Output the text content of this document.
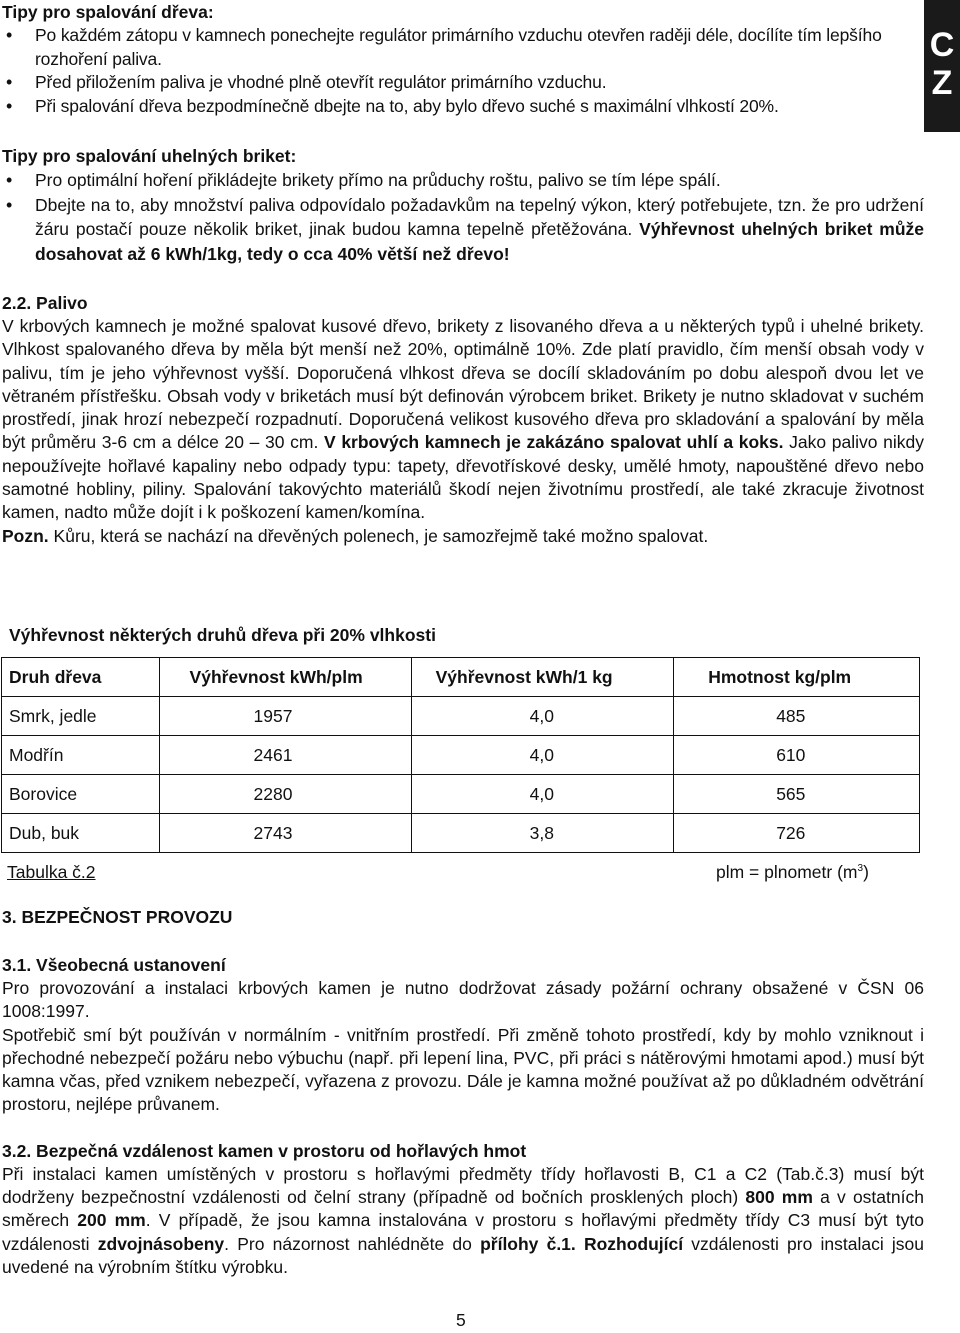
C
Z
Tipy pro spalování dřeva:
• Po každém zátopu v kamnech ponechejte regulátor primárního vzduchu otevřen raději déle, docílíte tím lepšího rozhoření paliva.
• Před přiložením paliva je vhodné plně otevřít regulátor primárního vzduchu.
• Při spalování dřeva bezpodmínečně dbejte na to, aby bylo dřevo suché s maximální vlhkostí 20%.
Tipy pro spalování uhelných briket:
• Pro optimální hoření přikládejte brikety přímo na průduchy roštu, palivo se tím lépe spálí.
• Dbejte na to, aby množství paliva odpovídalo požadavkům na tepelný výkon, který potřebujete, tzn. že pro udržení žáru postačí pouze několik briket, jinak budou kamna tepelně přetěžována. Výhřevnost uhelných briket může dosahovat až 6 kWh/1kg, tedy o cca 40% větší než dřevo!
2.2. Palivo

V krbových kamnech je možné spalovat kusové dřevo, brikety z lisovaného dřeva a u některých typů i uhelné brikety. Vlhkost spalovaného dřeva by měla být menší než 20%, optimálně 10%. Zde platí pravidlo, čím menší obsah vody v palivu, tím je jeho výhřevnost vyšší. Doporučená vlhkost dřeva se docílí skladováním po dobu alespoň dvou let ve větraném přístřešku. Obsah vody v briketách musí být definován výrobcem briket. Brikety je nutno skladovat v suchém prostředí, jinak hrozí nebezpečí rozpadnutí. Doporučená velikost kusového dřeva pro skladování a spalování by měla být průměru 3-6 cm a délce 20 – 30 cm. V krbových kamnech je zakázáno spalovat uhlí a koks. Jako palivo nikdy nepoužívejte hořlavé kapaliny nebo odpady typu: tapety, dřevotřískové desky, umělé hmoty, napouštěné dřevo nebo samotné hobliny, piliny. Spalování takovýchto materiálů škodí nejen životnímu prostředí, ale také zkracuje životnost kamen, nadto může dojít i k poškození kamen/komína.

Pozn. Kůru, která se nachází na dřevěných polenech, je samozřejmě také možno spalovat.

Výhřevnost některých druhů dřeva při 20% vlhkosti
Druh dřeva	Výhřevnost kWh/plm	Výhřevnost kWh/1 kg	Hmotnost kg/plm
Smrk, jedle	1957	4,0	485
Modřín	2461	4,0	610
Borovice	2280	4,0	565
Dub, buk	2743	3,8	726
Tabulka č.2	plm = plnometr $(m^3)$
3. BEZPEČNOST PROVOZU
3.1. Všeobecná ustanovení

Pro provozování a instalaci krbových kamen je nutno dodržovat zásady požární ochrany obsažené v ČSN 06 1008:1997.

Spotřebič smí být používán v normálním - vnitřním prostředí. Při změně tohoto prostředí, kdy by mohlo vzniknout i přechodné nebezpečí požáru nebo výbuchu (např. při lepení lina, PVC, při práci s nátěrovými hmotami apod.) musí být kamna včas, před vznikem nebezpečí, vyřazena z provozu. Dále je kamna možné používat až po důkladném odvětrání prostoru, nejlépe průvanem.

3.2. Bezpečná vzdálenost kamen v prostoru od hořlavých hmot

Při instalaci kamen umístěných v prostoru s hořlavými předměty třídy hořlavosti B, C1 a C2 (Tab.č.3) musí být dodrženy bezpečnostní vzdálenosti od čelní strany (případně od bočních prosklených ploch) 800 mm a v ostatních směrech 200 mm. V případě, že jsou kamna instalována v prostoru s hořlavými předměty třídy C3 musí být tyto vzdálenosti zdvojnásobeny. Pro názornost nahlédněte do přílohy č.1. Rozhodující vzdálenosti pro instalaci jsou uvedené na výrobním štítku výrobku.

5
